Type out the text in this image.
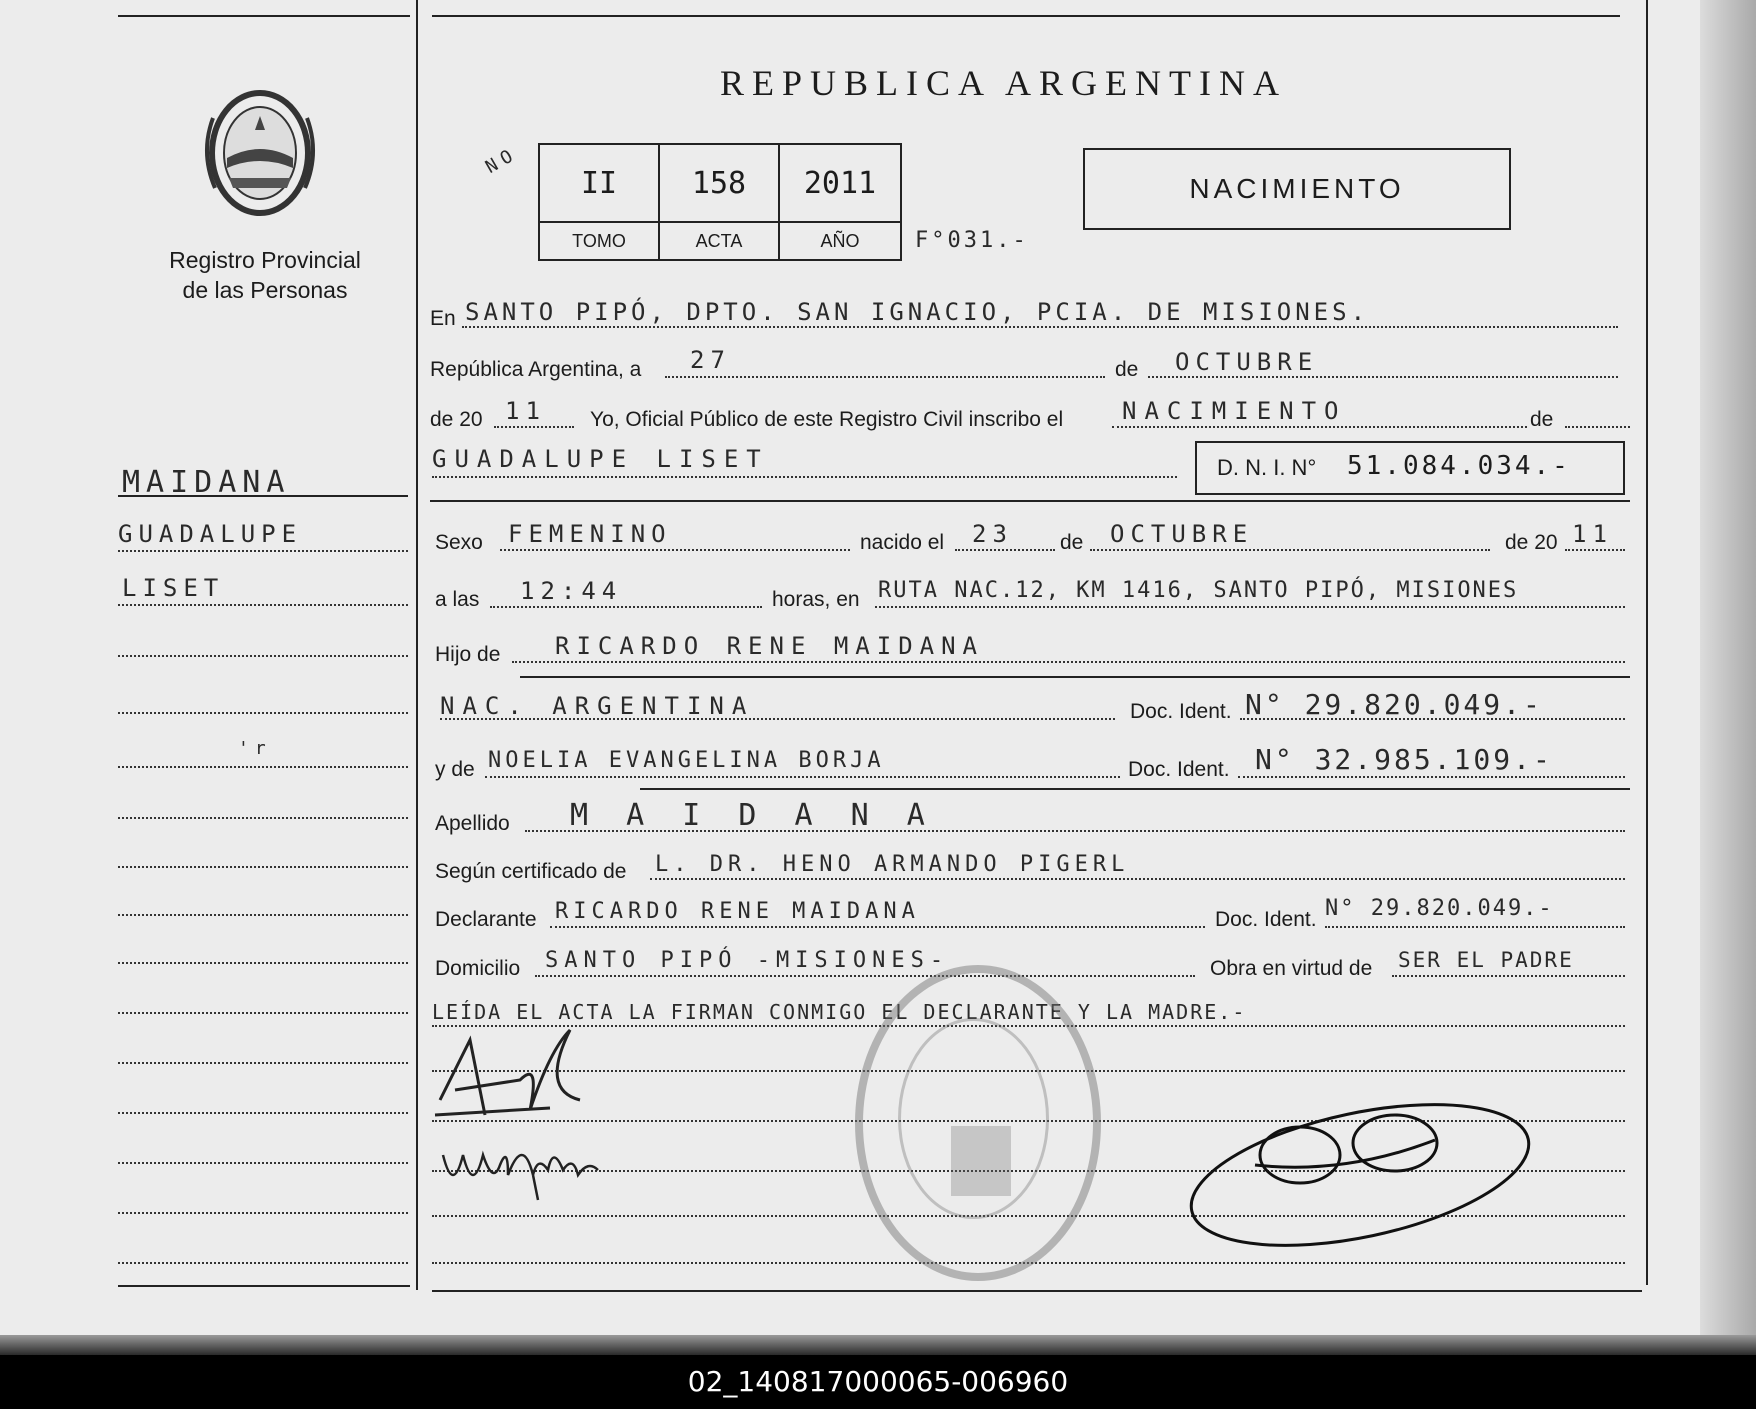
Registro Provincial
de las Personas
MAIDANA
GUADALUPE
LISET
'r
REPUBLICA ARGENTINA
NO
II	158	2011
TOMO	ACTA	AÑO	F°031.-
NACIMIENTO
En SANTO PIPÓ, DPTO. SAN IGNACIO, PCIA. DE MISIONES.
República Argentina, a 27	de OCTUBRE
de 20 11 Yo, Oficial Público de este Registro Civil inscribo el NACIMIENTO	de
GUADALUPE LISET	D. N. I. N° 51.084.034.-
Sexo FEMENINO	nacido el 23 de OCTUBRE	de 20 11
a las 12:44	horas, en RUTA NAC.12, KM 1416, SANTO PIPÓ, MISIONES
Hijo de RICARDO RENE MAIDANA
NAC. ARGENTINA	Doc. Ident. N° 29.820.049.-
y de NOELIA EVANGELINA BORJA	Doc. Ident. N° 32.985.109.-
Apellido M A I D A N A
Según certificado de L. DR. HENO ARMANDO PIGERL
Declarante RICARDO RENE MAIDANA	Doc. Ident. N° 29.820.049.-
Domicilio SANTO PIPÓ -MISIONES-	Obra en virtud de SER EL PADRE
LEÍDA EL ACTA LA FIRMAN CONMIGO EL DECLARANTE Y LA MADRE.-
02_140817000065-006960
